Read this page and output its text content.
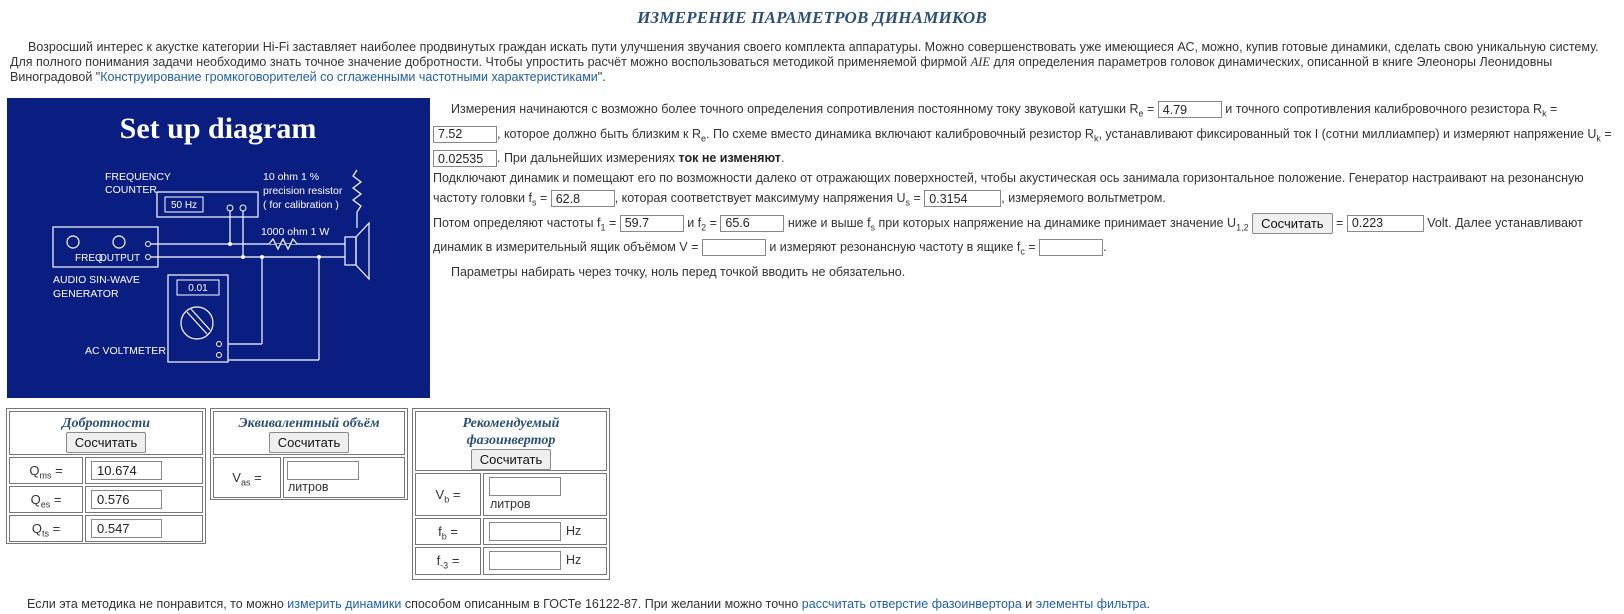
ИЗМЕРЕНИЕ ПАРАМЕТРОВ ДИНАМИКОВ
Возросший интерес к акустке категории Hi-Fi заставляет наиболее продвинутых граждан искать пути улучшения звучания своего комплекта аппаратуры. Можно совершенствовать уже имеющиеся АС, можно, купив готовые динамики, сделать свою уникальную систему. Для полного понимания задачи необходимо знать точное значение добротности. Чтобы упростить расчёт можно воспользоваться методикой применяемой фирмой AIE для определения параметров головок динамических, описанной в книге Элеоноры Леонидовны Виноградовой "Конструирование громкоговорителей со сглаженными частотными характеристиками".
Set up diagram
FREQUENCY
COUNTER
50 Hz
10 ohm 1 %
precision resistor
( for calibration )
1000 ohm 1 W
FREQ.
OUTPUT
AUDIO SIN-WAVE
GENERATOR	0.01
AC VOLTMETER
Измерения начинаются с возможно более точного определения сопротивления постоянному току звуковой катушки $R_e = 4.79$	и точного сопротивления калибровочного резистора $R_k = 7.52$, которое должно быть близким к $R_e$. По схеме вместо динамика включают калибровочный резистор $R_k$, устанавливают фиксированный ток I (сотни миллиампер) и измеряют напряжение $U_k = 0.02535$. При дальнейших измерениях ток не изменяют.
Подключают динамик и помещают его по возможности далеко от отражающих поверхностей, чтобы акустическая ось занимала горизонтальное положение. Генератор настраивают на резонансную частоту головки $f_s = 62.8$	, которая соответствует максимуму напряжения $U_s = 0.3154$	, измеряемого вольтметром.
Потом определяют частоты $f_1 = 59.7$	и $f_2 = 65.6$	ниже и выше $f_s$ при которых напряжение на динамике принимает значение $U_{1,2}$ Сосчитать = 0.223	Volt. Далее устанавливают динамик в измерительный ящик объёмом V =	и измеряют резонансную частоту в ящике $f_c$ =	.
Параметры набирать через точку, ноль перед точкой вводить не обязательно.
Добротности
Сосчитать
$Q_{ms}$ =
10.674
$Q_{es}$ =
0.576
$Q_{ts}$ =
0.547
Эквивалентный объём
Сосчитать
$V_{as}$ =
литров
Рекомендуемый
фазоинвертор
Сосчитать
$V_b$ =
литров
$f_b$ =	Hz
$f_{-3}$ =	Hz
Если эта методика не понравится, то можно измерить динамики способом описанным в ГОСТе 16122-87. При желании можно точно рассчитать отверстие фазоинвертора и элементы фильтра.
